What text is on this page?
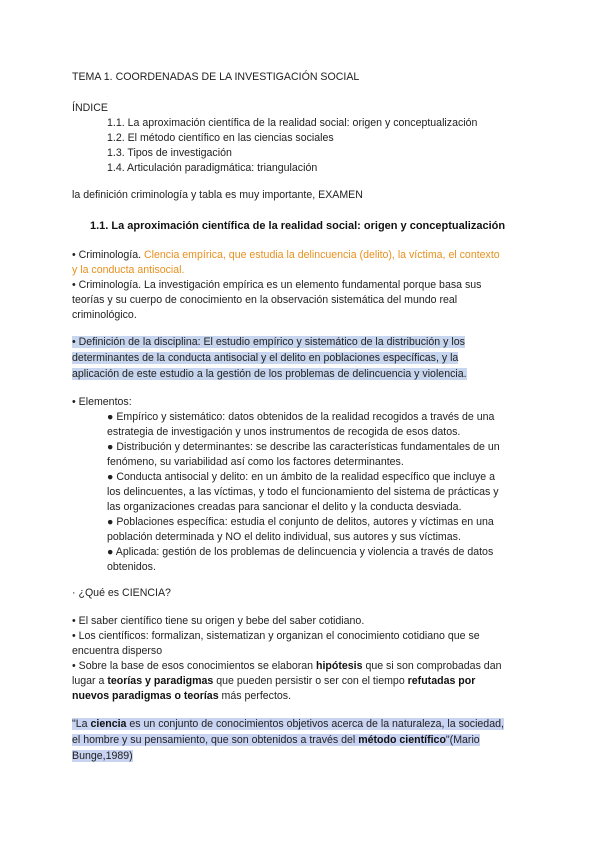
TEMA 1. COORDENADAS DE LA INVESTIGACIÓN SOCIAL
ÍNDICE
1.1. La aproximación científica de la realidad social: origen y conceptualización
1.2. El método científico en las ciencias sociales
1.3. Tipos de investigación
1.4. Articulación paradigmática: triangulación
la definición criminología y tabla es muy importante, EXAMEN
1.1. La aproximación científica de la realidad social: origen y conceptualización
• Criminología. Clencia empírica, que estudia la delincuencia (delito), la víctima, el contexto
y la conducta antisocial.
• Criminología. La investigación empírica es un elemento fundamental porque basa sus
teorías y su cuerpo de conocimiento en la observación sistemática del mundo real
criminológico.
• Definición de la disciplina: El estudio empírico y sistemático de la distribución y los
determinantes de la conducta antisocial y el delito en poblaciones específicas, y la
aplicación de este estudio a la gestión de los problemas de delincuencia y violencia.
• Elementos:
● Empírico y sistemático: datos obtenidos de la realidad recogidos a través de una
estrategia de investigación y unos instrumentos de recogida de esos datos.
● Distribución y determinantes: se describe las características fundamentales de un
fenómeno, su variabilidad así como los factores determinantes.
● Conducta antisocial y delito: en un ámbito de la realidad específico que incluye a
los delincuentes, a las víctimas, y todo el funcionamiento del sistema de prácticas y
las organizaciones creadas para sancionar el delito y la conducta desviada.
● Poblaciones específica: estudia el conjunto de delitos, autores y víctimas en una
población determinada y NO el delito individual, sus autores y sus víctimas.
● Aplicada: gestión de los problemas de delincuencia y violencia a través de datos
obtenidos.
· ¿Qué es CIENCIA?
• El saber científico tiene su origen y bebe del saber cotidiano.
• Los científicos: formalizan, sistematizan y organizan el conocimiento cotidiano que se
encuentra disperso
• Sobre la base de esos conocimientos se elaboran hipótesis que si son comprobadas dan
lugar a teorías y paradigmas que pueden persistir o ser con el tiempo refutadas por
nuevos paradigmas o teorías más perfectos.
"La ciencia es un conjunto de conocimientos objetivos acerca de la naturaleza, la sociedad,
el hombre y su pensamiento, que son obtenidos a través del método científico"(Mario
Bunge,1989)
